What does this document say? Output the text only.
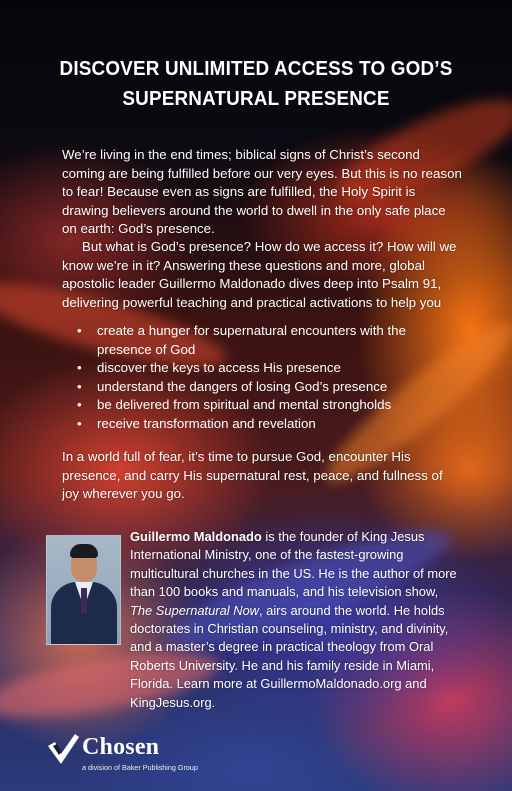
DISCOVER UNLIMITED ACCESS TO GOD’S
SUPERNATURAL PRESENCE

We’re living in the end times; biblical signs of Christ’s second coming are being fulfilled before our very eyes. But this is no reason to fear! Because even as signs are fulfilled, the Holy Spirit is drawing believers around the world to dwell in the only safe place on earth: God’s presence.

But what is God’s presence? How do we access it? How will we know we’re in it? Answering these questions and more, global apostolic leader Guillermo Maldonado dives deep into Psalm 91, delivering powerful teaching and practical activations to help you

• create a hunger for supernatural encounters with the presence of God
• discover the keys to access His presence
• understand the dangers of losing God’s presence
• be delivered from spiritual and mental strongholds
• receive transformation and revelation

In a world full of fear, it’s time to pursue God, encounter His presence, and carry His supernatural rest, peace, and fullness of joy wherever you go.

Guillermo Maldonado is the founder of King Jesus International Ministry, one of the fastest-growing multicultural churches in the US. He is the author of more than 100 books and manuals, and his television show, The Supernatural Now, airs around the world. He holds doctorates in Christian counseling, ministry, and divinity, and a master’s degree in practical theology from Oral Roberts University. He and his family reside in Miami, Florida. Learn more at GuillermoMaldonado.org and KingJesus.org.

Chosen
a division of Baker Publishing Group
